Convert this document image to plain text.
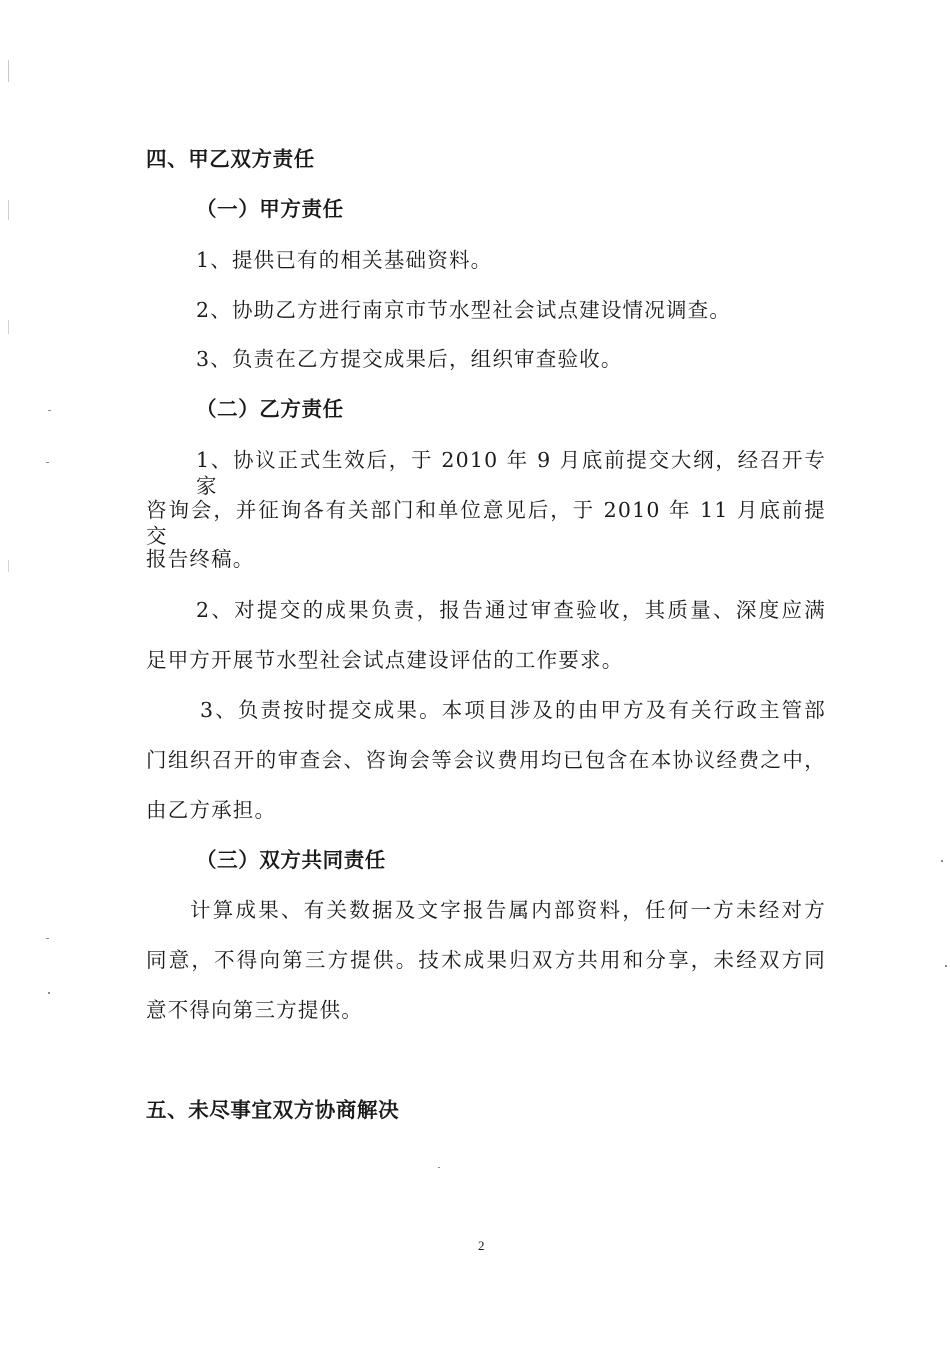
四、甲乙双方责任
（一）甲方责任
1、提供已有的相关基础资料。
2、协助乙方进行南京市节水型社会试点建设情况调查。
3、负责在乙方提交成果后，组织审查验收。
（二）乙方责任
1、协议正式生效后，于 2010 年 9 月底前提交大纲，经召开专家
咨询会，并征询各有关部门和单位意见后，于 2010 年 11 月底前提交
报告终稿。
2、对提交的成果负责，报告通过审查验收，其质量、深度应满
足甲方开展节水型社会试点建设评估的工作要求。
3、负责按时提交成果。本项目涉及的由甲方及有关行政主管部
门组织召开的审查会、咨询会等会议费用均已包含在本协议经费之中，
由乙方承担。
（三）双方共同责任
计算成果、有关数据及文字报告属内部资料，任何一方未经对方
同意，不得向第三方提供。技术成果归双方共用和分享，未经双方同
意不得向第三方提供。
五、未尽事宜双方协商解决
2
